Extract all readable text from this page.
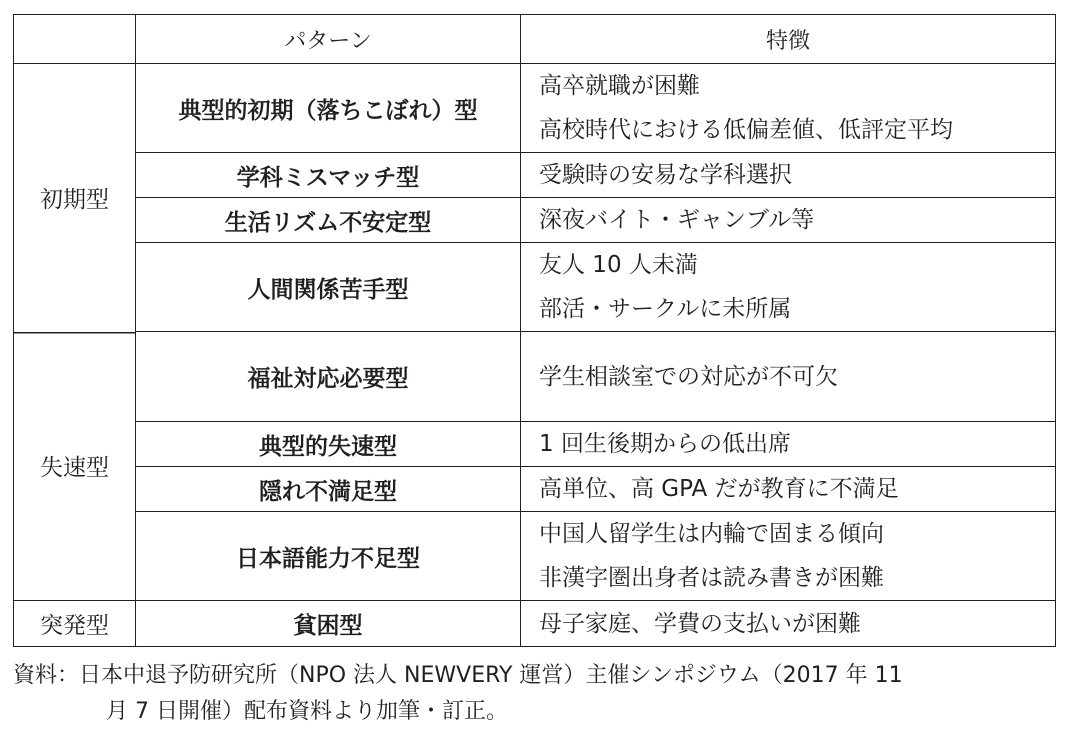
	パターン	特徴
初期型	典型的初期（落ちこぼれ）型	高卒就職が困難
高校時代における低偏差値、低評定平均

	学科ミスマッチ型	受験時の安易な学科選択

	生活リズム不安定型	深夜バイト・ギャンブル等

	人間関係苦手型	友人 10 人未満
部活・サークルに未所属

失速型	福祉対応必要型	学生相談室での対応が不可欠

	典型的失速型	1 回生後期からの低出席

	隠れ不満足型	高単位、高 GPA だが教育に不満足

	日本語能力不足型	中国人留学生は内輪で固まる傾向
非漢字圏出身者は読み書きが困難

突発型	貧困型	母子家庭、学費の支払いが困難
資料：日本中退予防研究所（NPO 法人 NEWVERY 運営）主催シンポジウム（2017 年 11
月 7 日開催）配布資料より加筆・訂正。
